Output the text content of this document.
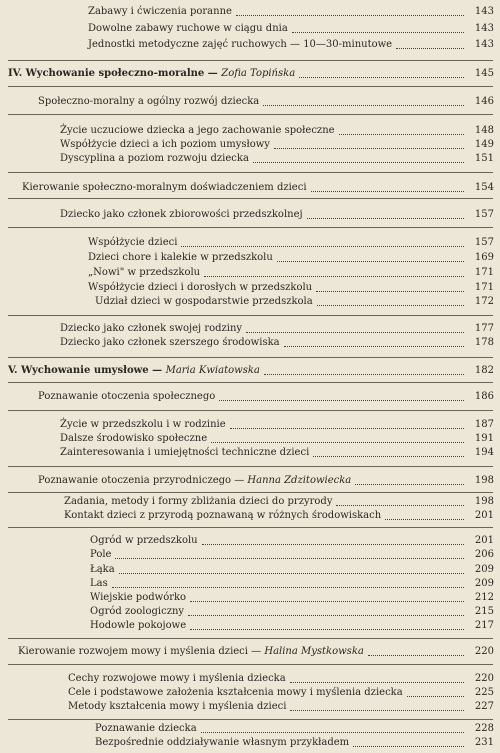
Zabawy i ćwiczenia poranne	143
Dowolne zabawy ruchowe w ciągu dnia	143
Jednostki metodyczne zajęć ruchowych — 10—30-minutowe	143
IV. Wychowanie społeczno-moralne — Zofia Topińska	145
Społeczno-moralny a ogólny rozwój dziecka	146
Życie uczuciowe dziecka a jego zachowanie społeczne	148
Współżycie dzieci a ich poziom umysłowy	149
Dyscyplina a poziom rozwoju dziecka	151
Kierowanie społeczno-moralnym doświadczeniem dzieci	154
Dziecko jako członek zbiorowości przedszkolnej	157
Współżycie dzieci	157
Dzieci chore i kalekie w przedszkolu	169
„Nowi" w przedszkolu	171
Współżycie dzieci i dorosłych w przedszkolu	171
Udział dzieci w gospodarstwie przedszkola	172
Dziecko jako członek swojej rodziny	177
Dziecko jako członek szerszego środowiska	178
V. Wychowanie umysłowe — Maria Kwiatowska	182
Poznawanie otoczenia społecznego	186
Życie w przedszkolu i w rodzinie	187
Dalsze środowisko społeczne	191
Zainteresowania i umiejętności techniczne dzieci	194
Poznawanie otoczenia przyrodniczego — Hanna Zdzitowiecka	198
Zadania, metody i formy zbliżania dzieci do przyrody	198
Kontakt dzieci z przyrodą poznawaną w różnych środowiskach	201
Ogród w przedszkolu	201
Pole	206
Łąka	209
Las	209
Wiejskie podwórko	212
Ogród zoologiczny	215
Hodowle pokojowe	217
Kierowanie rozwojem mowy i myślenia dzieci — Halina Mystkowska	220
Cechy rozwojowe mowy i myślenia dziecka	220
Cele i podstawowe założenia kształcenia mowy i myślenia dziecka	225
Metody kształcenia mowy i myślenia dzieci	227
Poznawanie dziecka	228
Bezpośrednie oddziaływanie własnym przykładem	231
